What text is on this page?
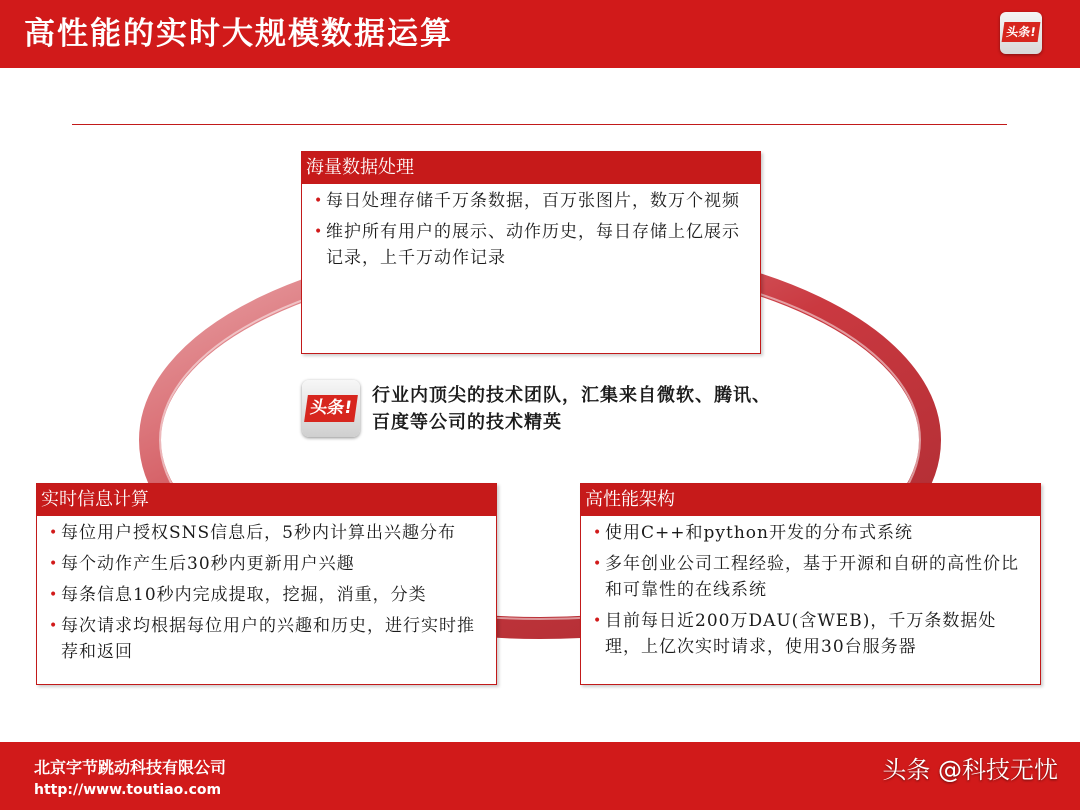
高性能的实时大规模数据运算	头条!
海量数据处理
• 每日处理存储千万条数据，百万张图片，数万个视频
• 维护所有用户的展示、动作历史，每日存储上亿展示记录，上千万动作记录
头条!
行业内顶尖的技术团队，汇集来自微软、腾讯、百度等公司的技术精英
实时信息计算
• 每位用户授权SNS信息后，5秒内计算出兴趣分布
• 每个动作产生后30秒内更新用户兴趣
• 每条信息10秒内完成提取，挖掘，消重，分类
• 每次请求均根据每位用户的兴趣和历史，进行实时推荐和返回
高性能架构
• 使用C++和python开发的分布式系统
• 多年创业公司工程经验，基于开源和自研的高性价比和可靠性的在线系统
• 目前每日近200万DAU(含WEB)，千万条数据处理，上亿次实时请求，使用30台服务器
北京字节跳动科技有限公司
http://www.toutiao.com
头条 @科技无忧
